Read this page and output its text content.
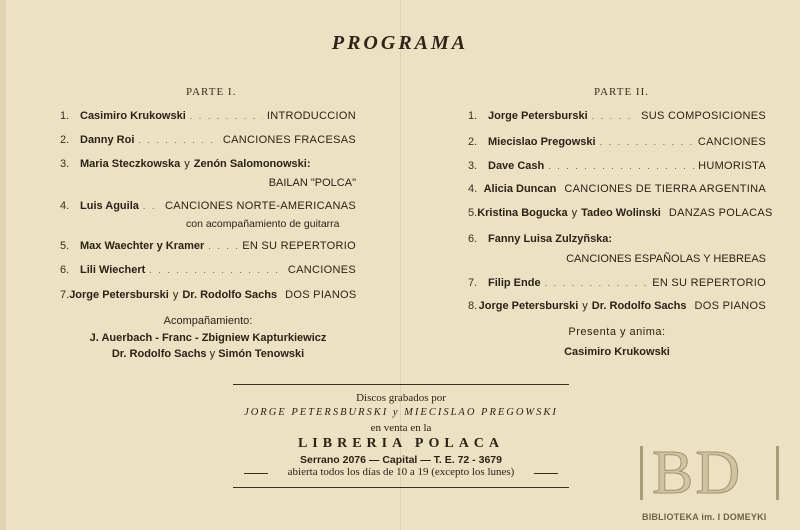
PROGRAMA
PARTE I.
1. Casimiro Krukowski . . .	INTRODUCCION
2. Danny Roi . . .	CANCIONES FRACESAS
3. Maria Steczkowska y Zenón Salomonowski:
BAILAN "POLCA"
4. Luis Aguila . . . CANCIONES NORTE-AMERICANAS
con acompañamiento de guitarra
5. Max Waechter y Kramer . . .	EN SU REPERTORIO
6. Lili Wiechert . . .	CANCIONES
7. Jorge Petersburski y Dr. Rodolfo Sachs DOS PIANOS
Acompañamiento:
J. Auerbach - Franc - Zbigniew Kapturkiewicz
Dr. Rodolfo Sachs y Simón Tenowski
PARTE II.
1. Jorge Petersburski . . .	SUS COMPOSICIONES
2. Miecislao Pregowski . . .	CANCIONES
3. Dave Cash . . .	HUMORISTA
4. Alicia Duncan CANCIONES DE TIERRA ARGENTINA
5. Kristina Bogucka y Tadeo Wolinski DANZAS POLACAS
6. Fanny Luisa Zulzyñska:
CANCIONES ESPAÑOLAS Y HEBREAS
7. Filip Ende . . .	EN SU REPERTORIO
8. Jorge Petersburski y Dr. Rodolfo Sachs DOS PIANOS
Presenta y anima:
Casimiro Krukowski
Discos grabados por
JORGE PETERSBURSKI y MIECISLAO PREGOWSKI
en venta en la
LIBRERIA POLACA
Serrano 2076 — Capital — T. E. 72 - 3679
abierta todos los días de 10 a 19 (excepto los lunes)	BD
BIBLIOTEKA im. I DOMEYKI
